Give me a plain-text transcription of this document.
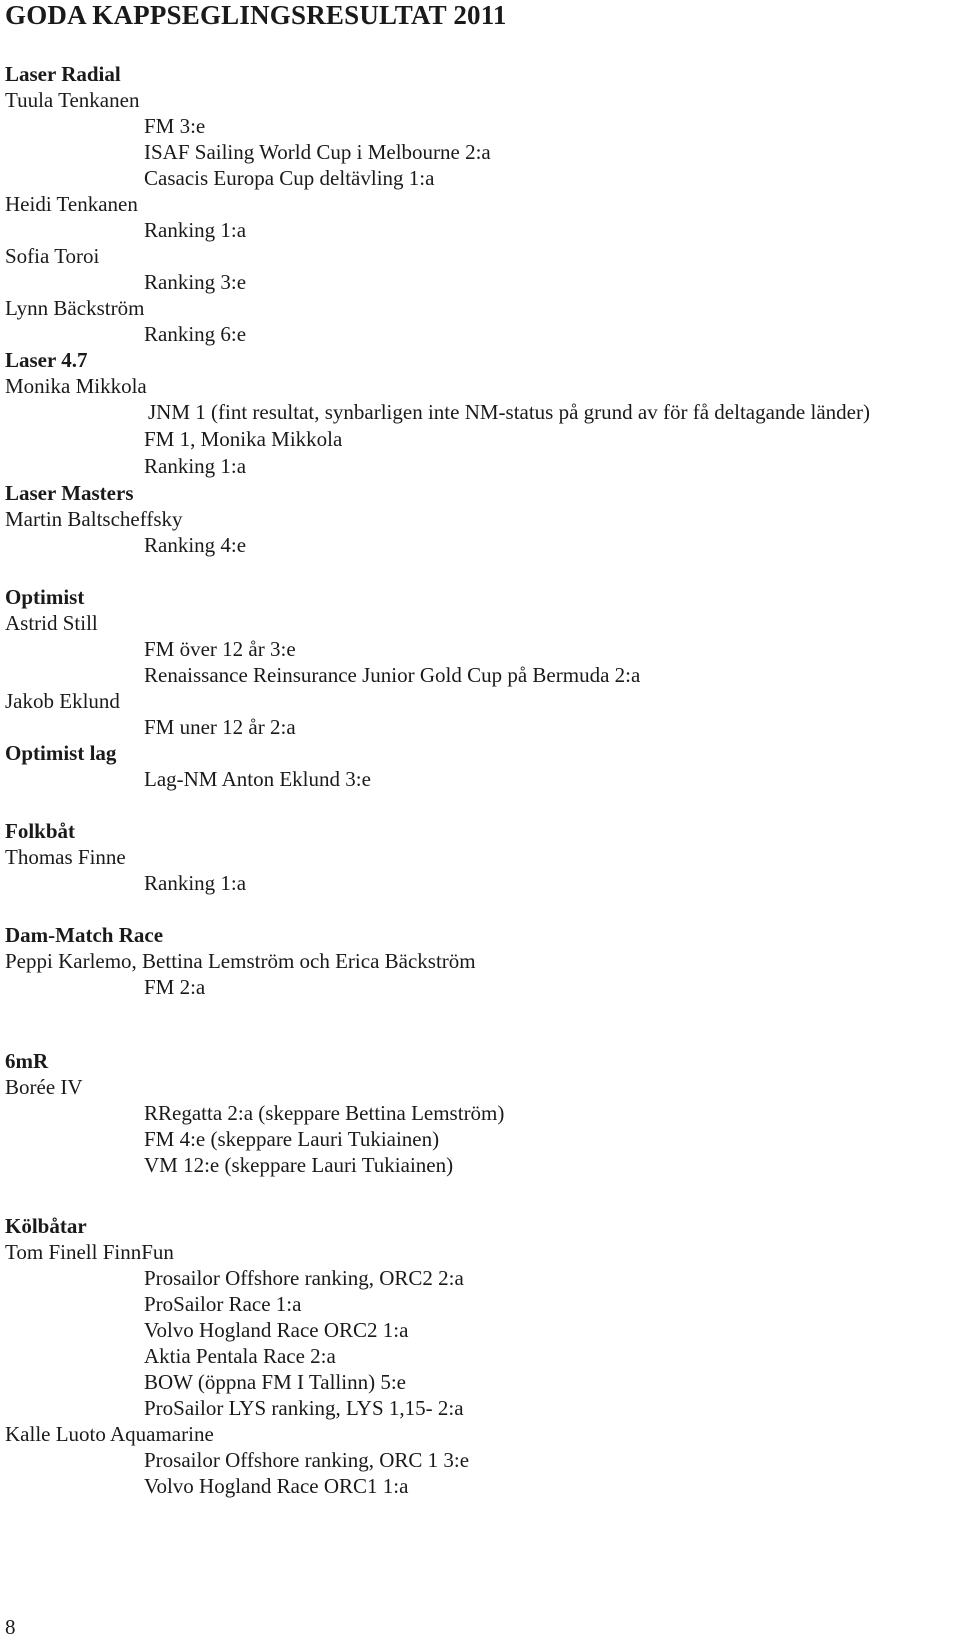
GODA KAPPSEGLINGSRESULTAT 2011
Laser Radial
Tuula Tenkanen
FM 3:e
ISAF Sailing World Cup i Melbourne 2:a
Casacis Europa Cup deltävling 1:a
Heidi Tenkanen
Ranking 1:a
Sofia Toroi
Ranking 3:e
Lynn Bäckström
Ranking 6:e
Laser 4.7
Monika Mikkola
JNM 1 (fint resultat, synbarligen inte NM-status på grund av för få deltagande länder)
FM 1, Monika Mikkola
Ranking 1:a
Laser Masters
Martin Baltscheffsky
Ranking 4:e
Optimist
Astrid Still
FM över 12 år 3:e
Renaissance Reinsurance Junior Gold Cup på Bermuda 2:a
Jakob Eklund
FM uner 12 år 2:a
Optimist lag
Lag-NM Anton Eklund 3:e
Folkbåt
Thomas Finne
Ranking 1:a
Dam-Match Race
Peppi Karlemo, Bettina Lemström och Erica Bäckström
FM 2:a
6mR
Borée IV
RRegatta 2:a (skeppare Bettina Lemström)
FM 4:e (skeppare Lauri Tukiainen)
VM 12:e (skeppare Lauri Tukiainen)
Kölbåtar
Tom Finell FinnFun
Prosailor Offshore ranking, ORC2 2:a
ProSailor Race 1:a
Volvo Hogland Race ORC2 1:a
Aktia Pentala Race 2:a
BOW (öppna FM I Tallinn) 5:e
ProSailor LYS ranking, LYS 1,15- 2:a
Kalle Luoto Aquamarine
Prosailor Offshore ranking, ORC 1 3:e
Volvo Hogland Race ORC1 1:a
8
